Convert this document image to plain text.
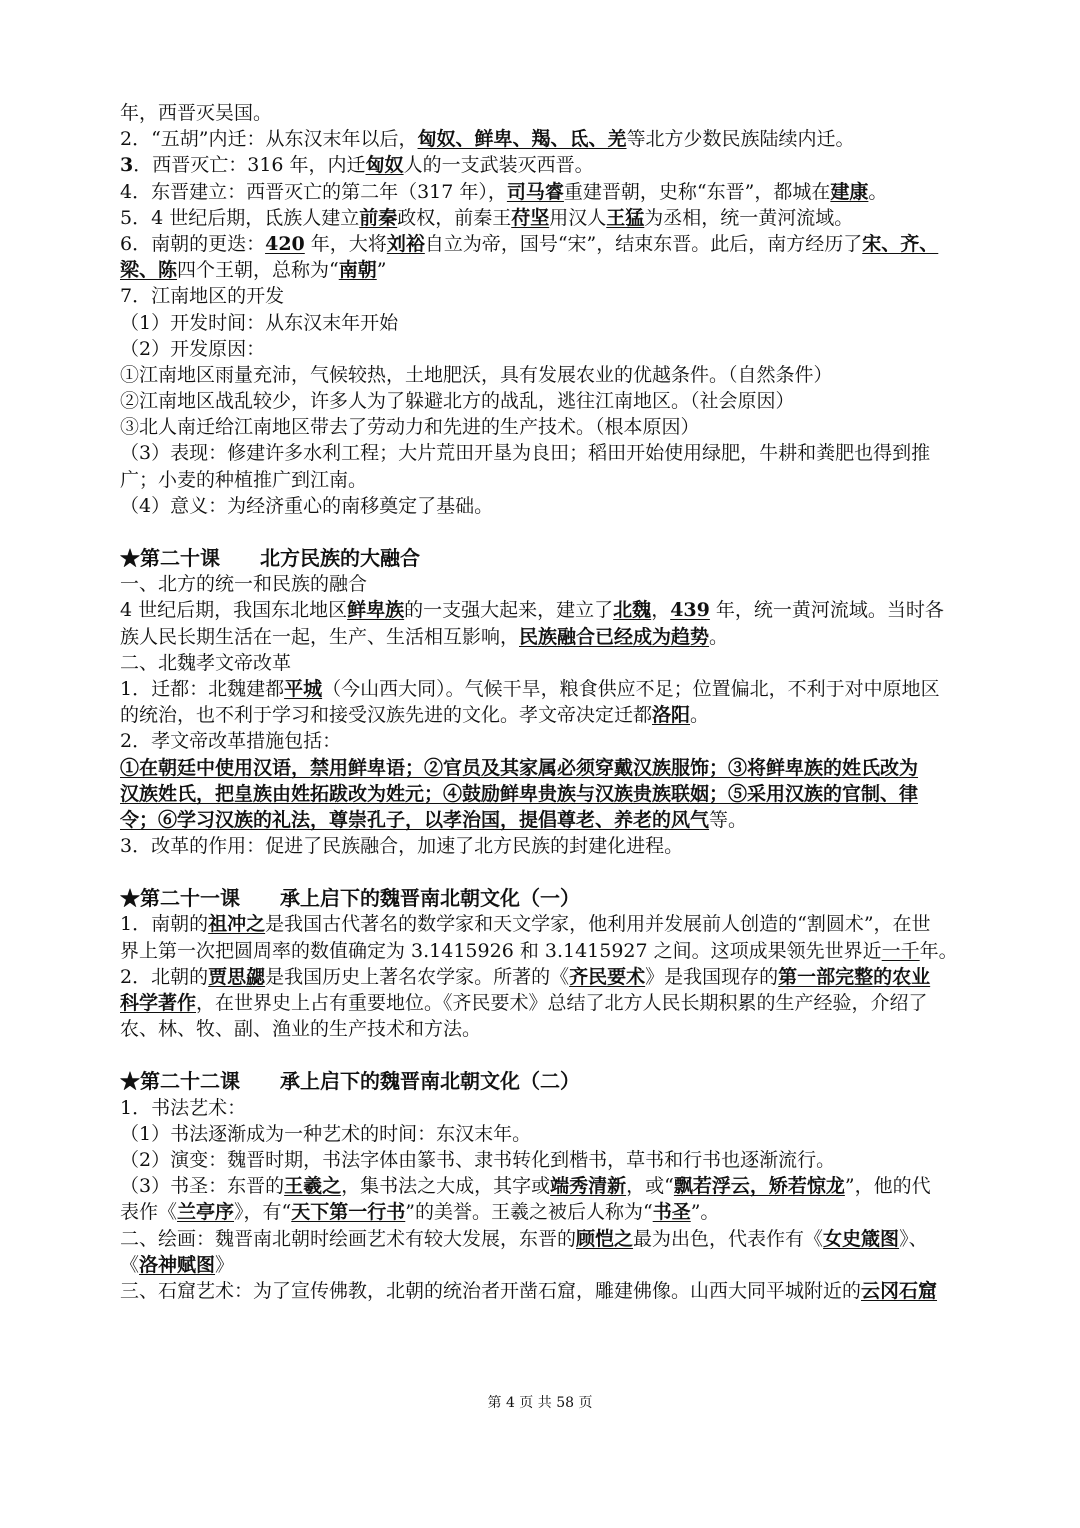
年，西晋灭吴国。
2．“五胡”内迁：从东汉末年以后，匈奴、鲜卑、羯、氐、羌等北方少数民族陆续内迁。
3．西晋灭亡：316 年，内迁匈奴人的一支武装灭西晋。
4．东晋建立：西晋灭亡的第二年（317 年），司马睿重建晋朝，史称“东晋”，都城在建康。
5．4 世纪后期，氐族人建立前秦政权，前秦王苻坚用汉人王猛为丞相，统一黄河流域。
6．南朝的更迭：420 年，大将刘裕自立为帝，国号“宋”，结束东晋。此后，南方经历了宋、齐、
梁、陈四个王朝，总称为“南朝”
7．江南地区的开发
（1）开发时间：从东汉末年开始
（2）开发原因：
①江南地区雨量充沛，气候较热，土地肥沃，具有发展农业的优越条件。（自然条件）
②江南地区战乱较少，许多人为了躲避北方的战乱，逃往江南地区。（社会原因）
③北人南迁给江南地区带去了劳动力和先进的生产技术。（根本原因）
（3）表现：修建许多水利工程；大片荒田开垦为良田；稻田开始使用绿肥，牛耕和粪肥也得到推
广；小麦的种植推广到江南。
（4）意义：为经济重心的南移奠定了基础。
★第二十课　　北方民族的大融合
一、北方的统一和民族的融合
4 世纪后期，我国东北地区鲜卑族的一支强大起来，建立了北魏，439 年，统一黄河流域。当时各
族人民长期生活在一起，生产、生活相互影响，民族融合已经成为趋势。
二、北魏孝文帝改革
1．迁都：北魏建都平城（今山西大同）。气候干旱，粮食供应不足；位置偏北，不利于对中原地区
的统治，也不利于学习和接受汉族先进的文化。孝文帝决定迁都洛阳。
2．孝文帝改革措施包括：
①在朝廷中使用汉语，禁用鲜卑语；②官员及其家属必须穿戴汉族服饰；③将鲜卑族的姓氏改为
汉族姓氏，把皇族由姓拓跋改为姓元；④鼓励鲜卑贵族与汉族贵族联姻；⑤采用汉族的官制、律
令；⑥学习汉族的礼法，尊崇孔子，以孝治国，提倡尊老、养老的风气等。
3．改革的作用：促进了民族融合，加速了北方民族的封建化进程。
★第二十一课　　承上启下的魏晋南北朝文化（一）
1．南朝的祖冲之是我国古代著名的数学家和天文学家，他利用并发展前人创造的“割圆术”，在世
界上第一次把圆周率的数值确定为 3.1415926 和 3.1415927 之间。这项成果领先世界近一千年。
2．北朝的贾思勰是我国历史上著名农学家。所著的《齐民要术》是我国现存的第一部完整的农业
科学著作，在世界史上占有重要地位。《齐民要术》总结了北方人民长期积累的生产经验，介绍了
农、林、牧、副、渔业的生产技术和方法。
★第二十二课　　承上启下的魏晋南北朝文化（二）
1．书法艺术：
（1）书法逐渐成为一种艺术的时间：东汉末年。
（2）演变：魏晋时期，书法字体由篆书、隶书转化到楷书，草书和行书也逐渐流行。
（3）书圣：东晋的王羲之，集书法之大成，其字或端秀清新，或“飘若浮云，矫若惊龙”，他的代
表作《兰亭序》，有“天下第一行书”的美誉。王羲之被后人称为“书圣”。
二、绘画：魏晋南北朝时绘画艺术有较大发展，东晋的顾恺之最为出色，代表作有《女史箴图》、
《洛神赋图》
三、石窟艺术：为了宣传佛教，北朝的统治者开凿石窟，雕建佛像。山西大同平城附近的云冈石窟
第 4 页 共 58 页
